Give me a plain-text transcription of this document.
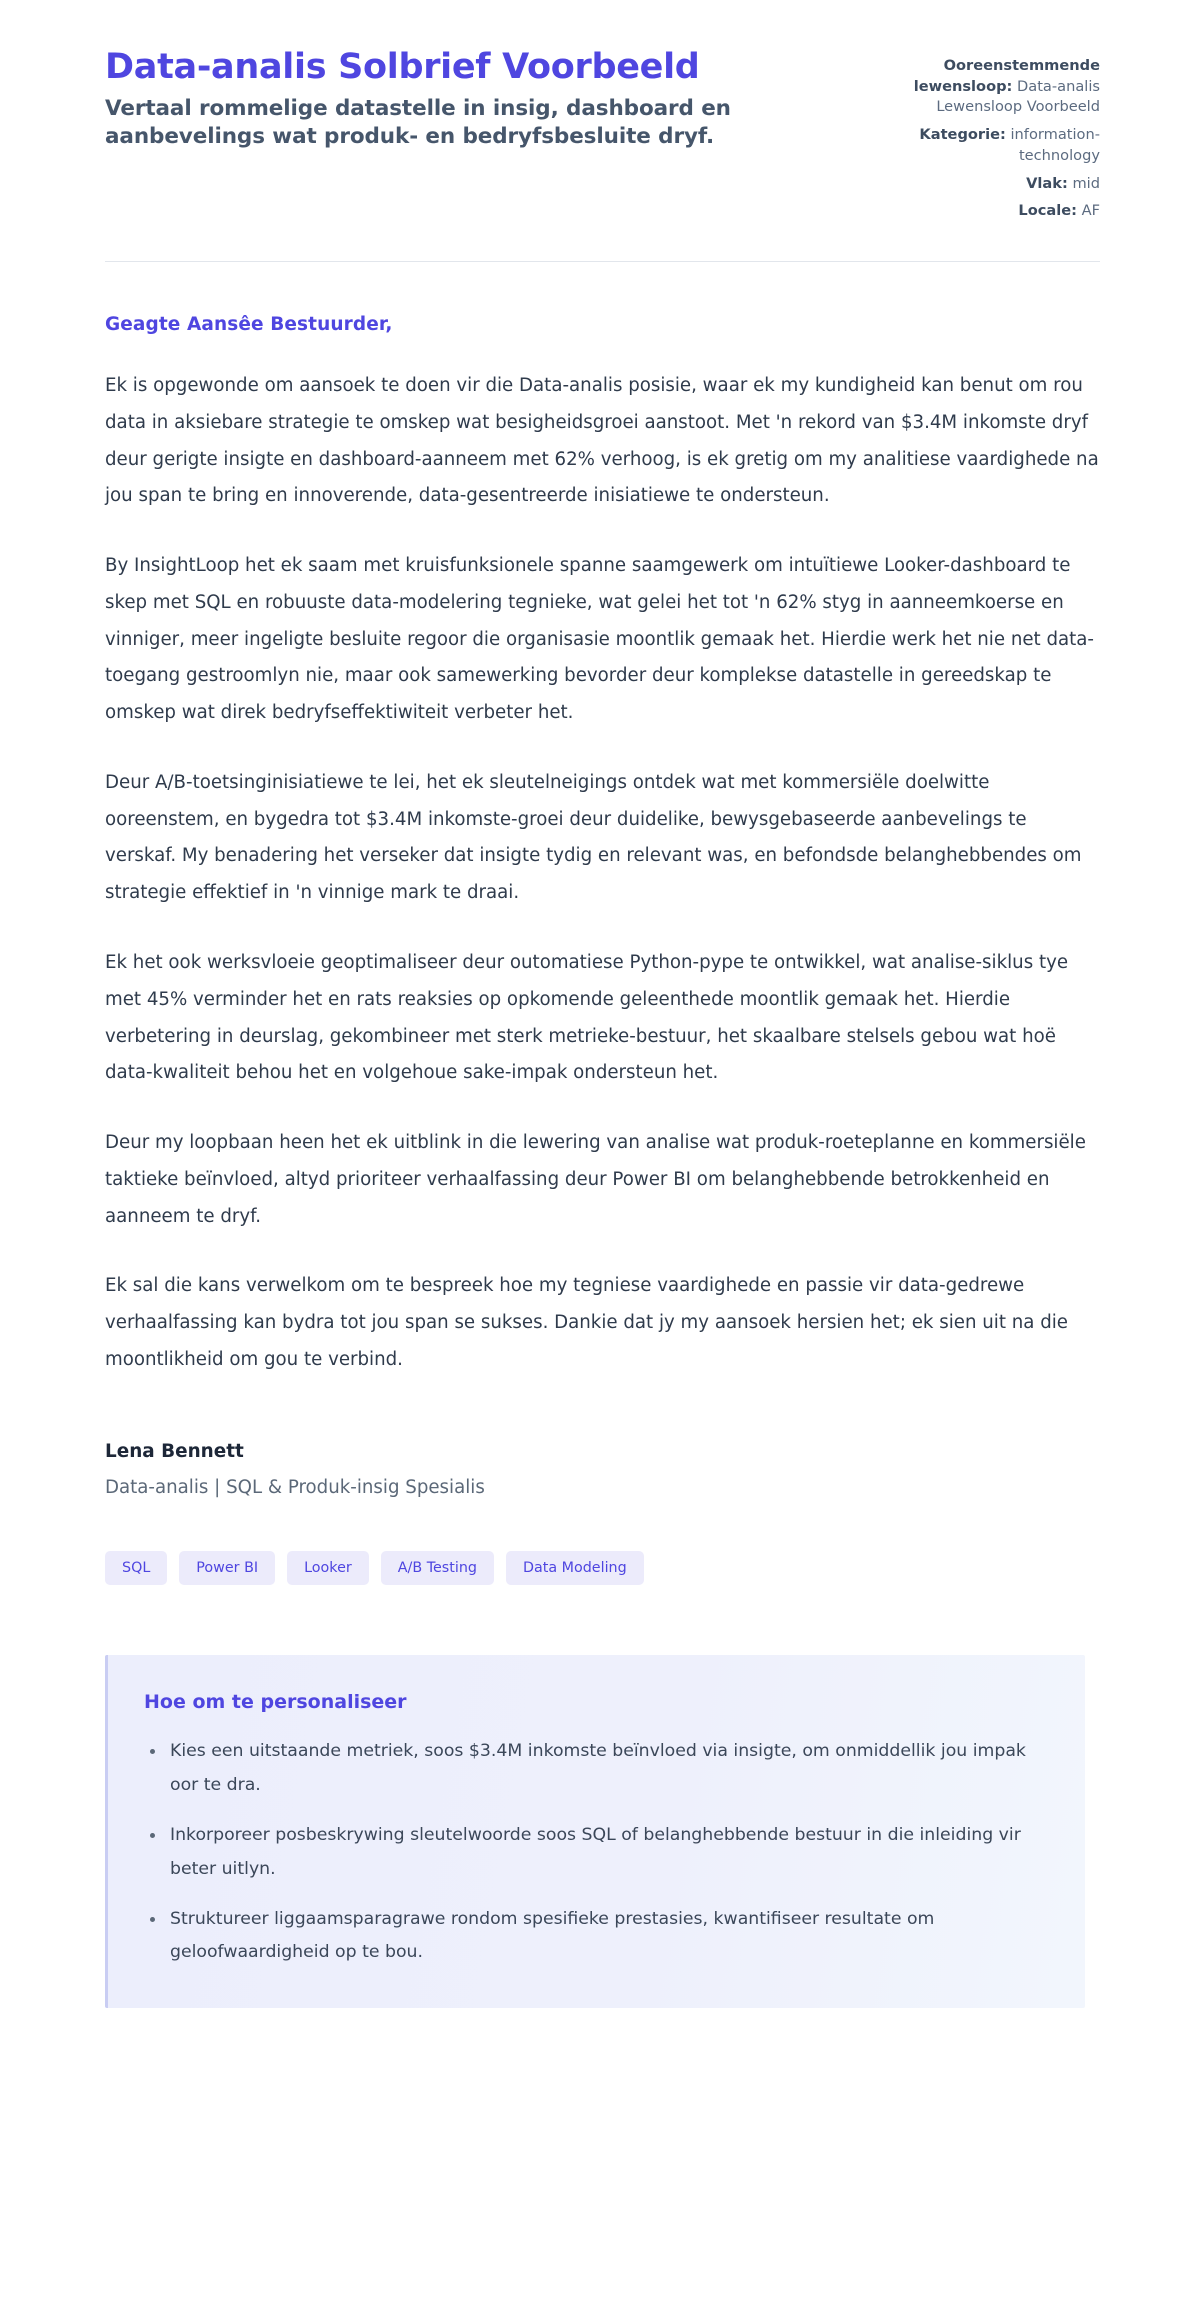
Data-analis Solbrief Voorbeeld

Vertaal rommelige datastelle in insig, dashboard en aanbevelings wat produk- en bedryfsbesluite dryf.

Ooreenstemmende lewensloop: Data-analis Lewensloop Voorbeeld
Kategorie: information-technology
Vlak: mid
Locale: AF

Geagte Aansêe Bestuurder,

Ek is opgewonde om aansoek te doen vir die Data-analis posisie, waar ek my kundigheid kan benut om rou data in aksiebare strategie te omskep wat besigheidsgroei aanstoot. Met 'n rekord van $3.4M inkomste dryf deur gerigte insigte en dashboard-aanneem met 62% verhoog, is ek gretig om my analitiese vaardighede na jou span te bring en innoverende, data-gesentreerde inisiatiewe te ondersteun.

By InsightLoop het ek saam met kruisfunksionele spanne saamgewerk om intuïtiewe Looker-dashboard te skep met SQL en robuuste data-modelering tegnieke, wat gelei het tot 'n 62% styg in aanneemkoerse en vinniger, meer ingeligte besluite regoor die organisasie moontlik gemaak het. Hierdie werk het nie net data-toegang gestroomlyn nie, maar ook samewerking bevorder deur komplekse datastelle in gereedskap te omskep wat direk bedryfseffektiwiteit verbeter het.

Deur A/B-toetsinginisiatiewe te lei, het ek sleutelneigings ontdek wat met kommersiële doelwitte ooreenstem, en bygedra tot $3.4M inkomste-groei deur duidelike, bewysgebaseerde aanbevelings te verskaf. My benadering het verseker dat insigte tydig en relevant was, en befondsde belanghebbendes om strategie effektief in 'n vinnige mark te draai.

Ek het ook werksvloeie geoptimaliseer deur outomatiese Python-pype te ontwikkel, wat analise-siklus tye met 45% verminder het en rats reaksies op opkomende geleenthede moontlik gemaak het. Hierdie verbetering in deurslag, gekombineer met sterk metrieke-bestuur, het skaalbare stelsels gebou wat hoë data-kwaliteit behou het en volgehoue sake-impak ondersteun het.

Deur my loopbaan heen het ek uitblink in die lewering van analise wat produk-roeteplanne en kommersiële taktieke beïnvloed, altyd prioriteer verhaalfassing deur Power BI om belanghebbende betrokkenheid en aanneem te dryf.

Ek sal die kans verwelkom om te bespreek hoe my tegniese vaardighede en passie vir data-gedrewe verhaalfassing kan bydra tot jou span se sukses. Dankie dat jy my aansoek hersien het; ek sien uit na die moontlikheid om gou te verbind.

Lena Bennett

Data-analis | SQL & Produk-insig Spesialis

SQL	Power BI	Looker	A/B Testing	Data Modeling
Hoe om te personaliseer
Kies een uitstaande metriek, soos $3.4M inkomste beïnvloed via insigte, om onmiddellik jou impak oor te dra.
Inkorporeer posbeskrywing sleutelwoorde soos SQL of belanghebbende bestuur in die inleiding vir beter uitlyn.
Struktureer liggaamsparagrawe rondom spesifieke prestasies, kwantifiseer resultate om geloofwaardigheid op te bou.
